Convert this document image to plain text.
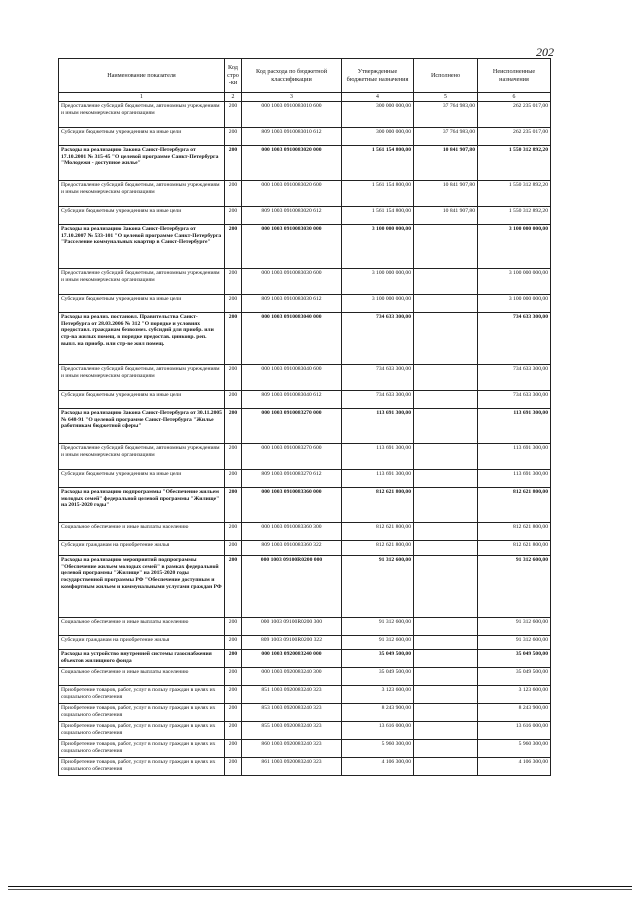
202
Наименование показателя	Код стро-ки	Код расхода по бюджетной классификации	Утвержденные бюджетные назначения	Исполнено	Неисполненные назначения
1	2	3	4	5	6
Предоставление субсидий бюджетным, автономным учреждениям и иным некоммерческим организациям	200	000 1003 0910083010 600	300 000 000,00	37 764 983,00	262 235 017,00
Субсидии бюджетным учреждениям на иные цели	200	809 1003 0910083010 612	300 000 000,00	37 764 983,00	262 235 017,00
Расходы на реализацию Закона Санкт-Петербурга от 17.10.2001 № 315-45 "О целевой программе Санкт-Петербурга "Молодежи - доступное жилье"	200	000 1003 0910083020 000	1 561 154 800,00	10 841 907,80	1 550 312 892,20
Предоставление субсидий бюджетным, автономным учреждениям и иным некоммерческим организациям	200	000 1003 0910083020 600	1 561 154 800,00	10 841 907,80	1 550 312 892,20
Субсидии бюджетным учреждениям на иные цели	200	809 1003 0910083020 612	1 561 154 800,00	10 841 907,80	1 550 312 892,20
Расходы на реализацию Закона Санкт-Петербурга от 17.10.2007 № 533-101 "О целевой программе Санкт-Петербурга "Расселение коммунальных квартир в Санкт-Петербурге"	200	000 1003 0910083030 000	3 100 000 000,00		3 100 000 000,00
Предоставление субсидий бюджетным, автономным учреждениям и иным некоммерческим организациям	200	000 1003 0910083030 600	3 100 000 000,00		3 100 000 000,00
Субсидии бюджетным учреждениям на иные цели	200	809 1003 0910083030 612	3 100 000 000,00		3 100 000 000,00
Расходы на реализ. постановл. Правительства Санкт-Петербурга от 28.03.2006 № 312 "О порядке и условиях предоставл. гражданам безвозмез. субсидий для приобр. или стр-ва жилых помещ. в порядке предостав. цинковр. реп. выпл. на приобр. или стр-ве жил помещ.	200	000 1003 0910083040 000	734 633 300,00		734 633 300,00
Предоставление субсидий бюджетным, автономным учреждениям и иным некоммерческим организациям	200	000 1003 0910083040 600	734 633 300,00		734 633 300,00
Субсидии бюджетным учреждениям на иные цели	200	809 1003 0910083040 612	734 633 300,00		734 633 300,00
Расходы на реализацию Закона Санкт-Петербурга от 30.11.2005 № 648-91 "О целевой программе Санкт-Петербурга "Жилье работникам бюджетной сферы"	200	000 1003 0910083270 000	113 691 300,00		113 691 300,00
Предоставление субсидий бюджетным, автономным учреждениям и иным некоммерческим организациям	200	000 1003 0910083270 600	113 691 300,00		113 691 300,00
Субсидии бюджетным учреждениям на иные цели	200	809 1003 0910083270 612	113 691 300,00		113 691 300,00
Расходы на реализацию подпрограммы "Обеспечение жильем молодых семей" федеральной целевой программы "Жилище" на 2015-2020 годы"	200	000 1003 0910083360 000	812 621 800,00		812 621 800,00
Социальное обеспечение и иные выплаты населению	200	000 1003 0910083360 300	812 621 800,00		812 621 800,00
Субсидии гражданам на приобретение жилья	200	809 1003 0910083360 322	812 621 800,00		812 621 800,00
Расходы на реализацию мероприятий подпрограммы "Обеспечение жильем молодых семей" в рамках федеральной целевой программы "Жилище" на 2015-2020 годы государственной программы РФ "Обеспечение доступным и комфортным жильем и коммунальными услугами граждан РФ	200	000 1003 09100R0200 000	91 312 600,00		91 312 600,00
Социальное обеспечение и иные выплаты населению	200	000 1003 09100R0200 300	91 312 600,00		91 312 600,00
Субсидии гражданам на приобретение жилья	200	809 1003 09100R0200 322	91 312 600,00		91 312 600,00
Расходы на устройство внутренней системы газоснабжения объектов жилищного фонда	200	000 1003 0920083240 000	35 049 500,00		35 049 500,00
Социальное обеспечение и иные выплаты населению	200	000 1003 0920083240 300	35 049 500,00		35 049 500,00
Приобретение товаров, работ, услуг в пользу граждан в целях их социального обеспечения	200	851 1003 0920083240 323	3 123 600,00		3 123 600,00
Приобретение товаров, работ, услуг в пользу граждан в целях их социального обеспечения	200	853 1003 0920083240 323	8 243 900,00		8 243 900,00
Приобретение товаров, работ, услуг в пользу граждан в целях их социального обеспечения	200	855 1003 0920083240 323	13 616 000,00		13 616 000,00
Приобретение товаров, работ, услуг в пользу граждан в целях их социального обеспечения	200	860 1003 0920083240 323	5 960 300,00		5 960 300,00
Приобретение товаров, работ, услуг в пользу граждан в целях их социального обеспечения	200	861 1003 0920083240 323	4 106 300,00		4 106 300,00
